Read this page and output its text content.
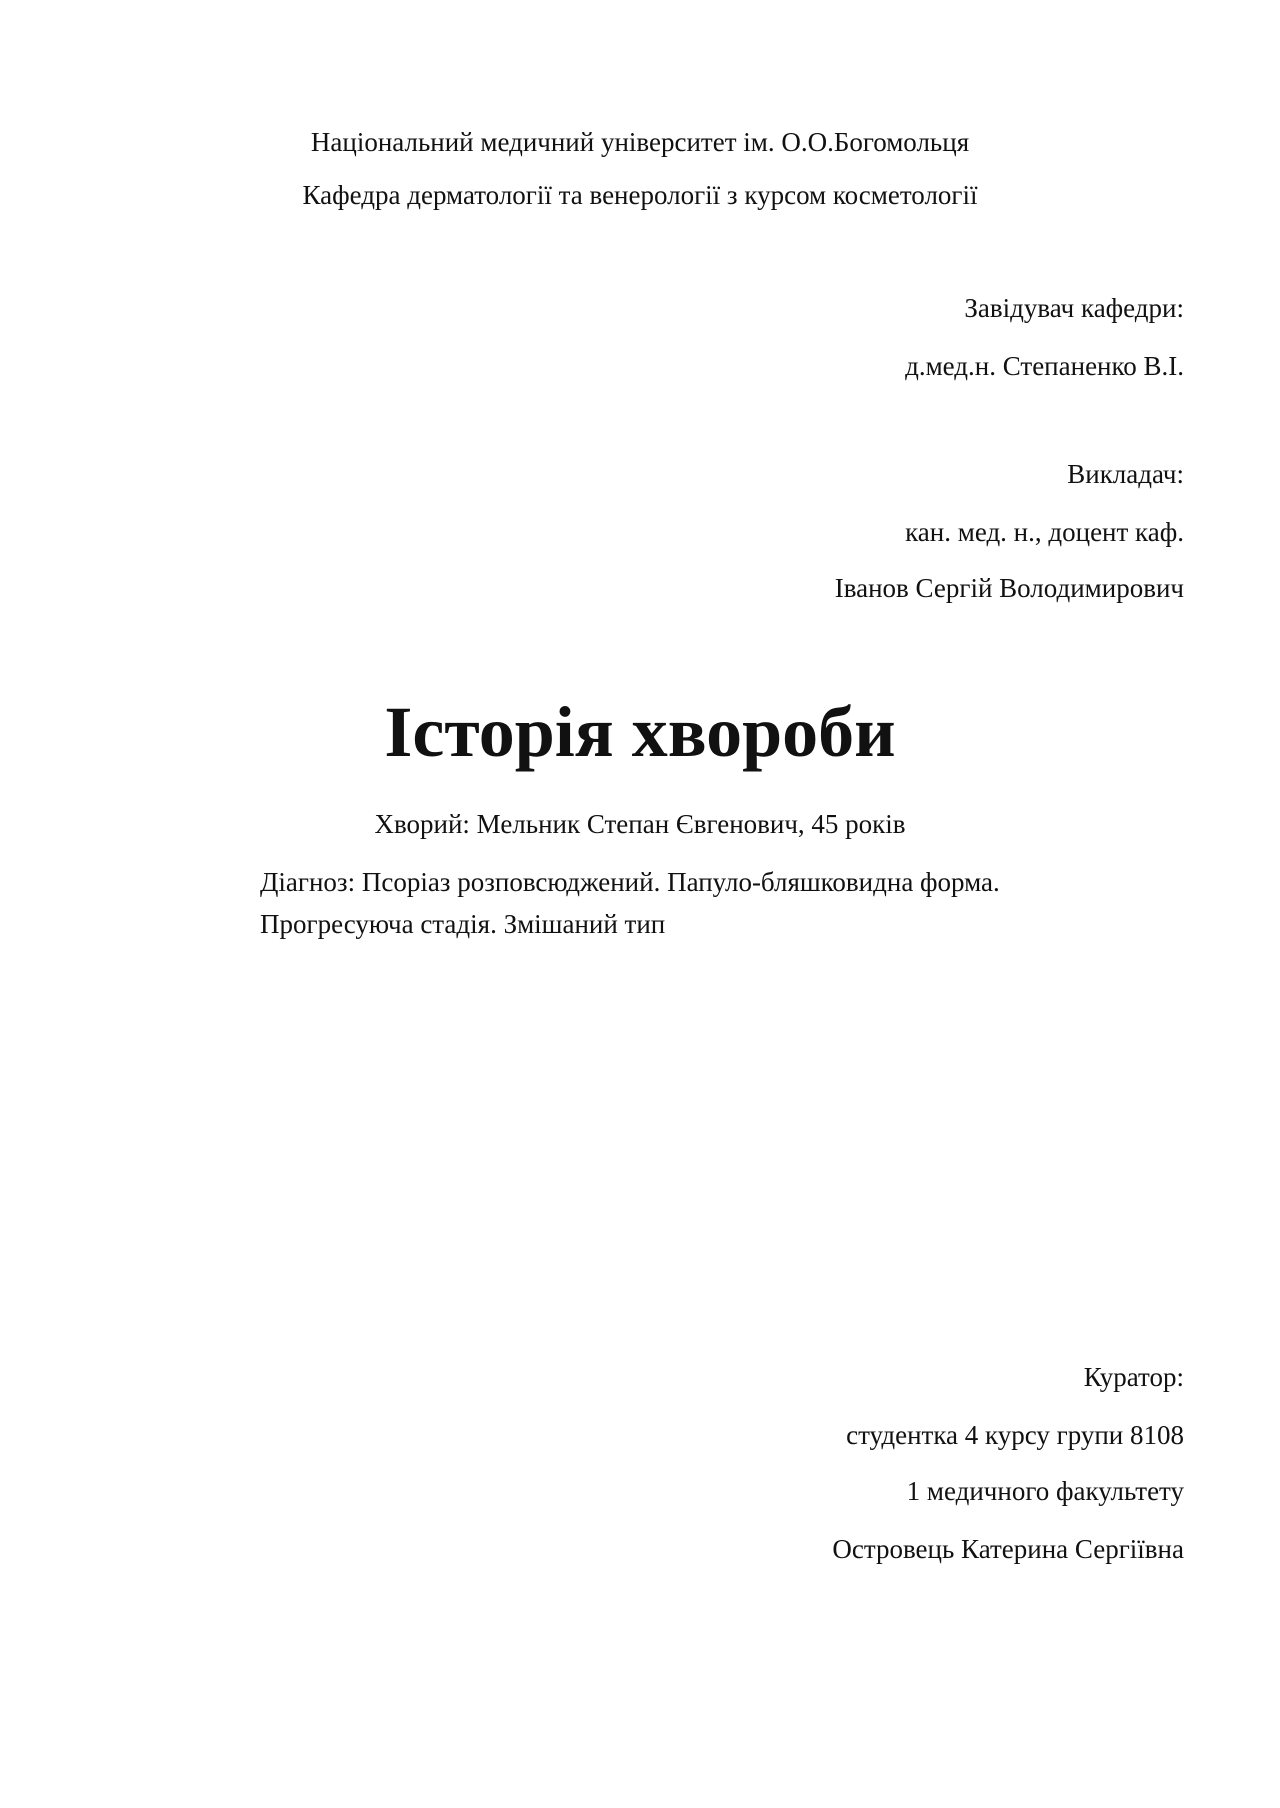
Національний медичний університет ім. О.О.Богомольця

Кафедра дерматології та венерології з курсом косметології

Завідувач кафедри:

д.мед.н. Степаненко В.І.

Викладач:

кан. мед. н., доцент каф.

Іванов Сергій Володимирович

Історія хвороби

Хворий: Мельник Степан Євгенович, 45 років

Діагноз: Псоріаз розповсюджений. Папуло-бляшковидна форма.

Прогресуюча стадія. Змішаний тип

Куратор:

студентка 4 курсу групи 8108

1 медичного факультету

Островець Катерина Сергіївна
